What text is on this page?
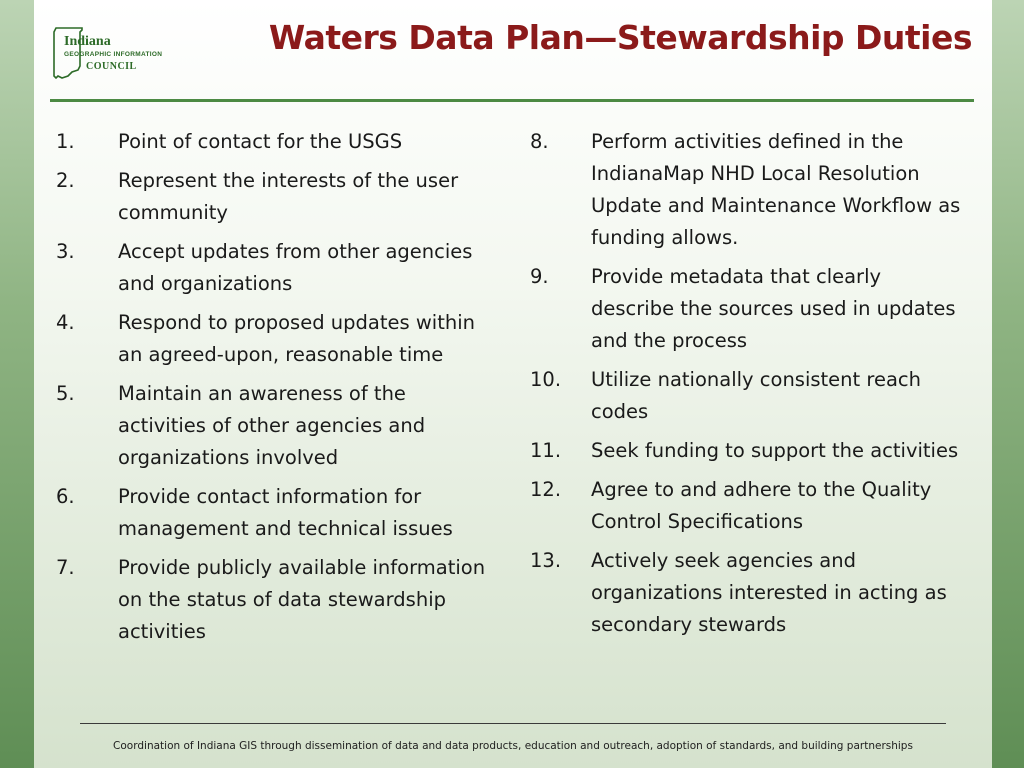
Indiana
GEOGRAPHIC INFORMATION
COUNCIL
Waters Data Plan—Stewardship Duties
1.	Point of contact for the USGS
2.	Represent the interests of the user community
3.	Accept updates from other agencies and organizations
4.	Respond to proposed updates within an agreed-upon, reasonable time
5.	Maintain an awareness of the activities of other agencies and organizations involved
6.	Provide contact information for management and technical issues
7.	Provide publicly available information on the status of data stewardship activities
8.	Perform activities defined in the IndianaMap NHD Local Resolution Update and Maintenance Workflow as funding allows.
9.	Provide metadata that clearly describe the sources used in updates and the process
10.	Utilize nationally consistent reach codes
11.	Seek funding to support the activities
12.	Agree to and adhere to the Quality Control Specifications
13.	Actively seek agencies and organizations interested in acting as secondary stewards
Coordination of Indiana GIS through dissemination of data and data products, education and outreach, adoption of standards, and building partnerships
